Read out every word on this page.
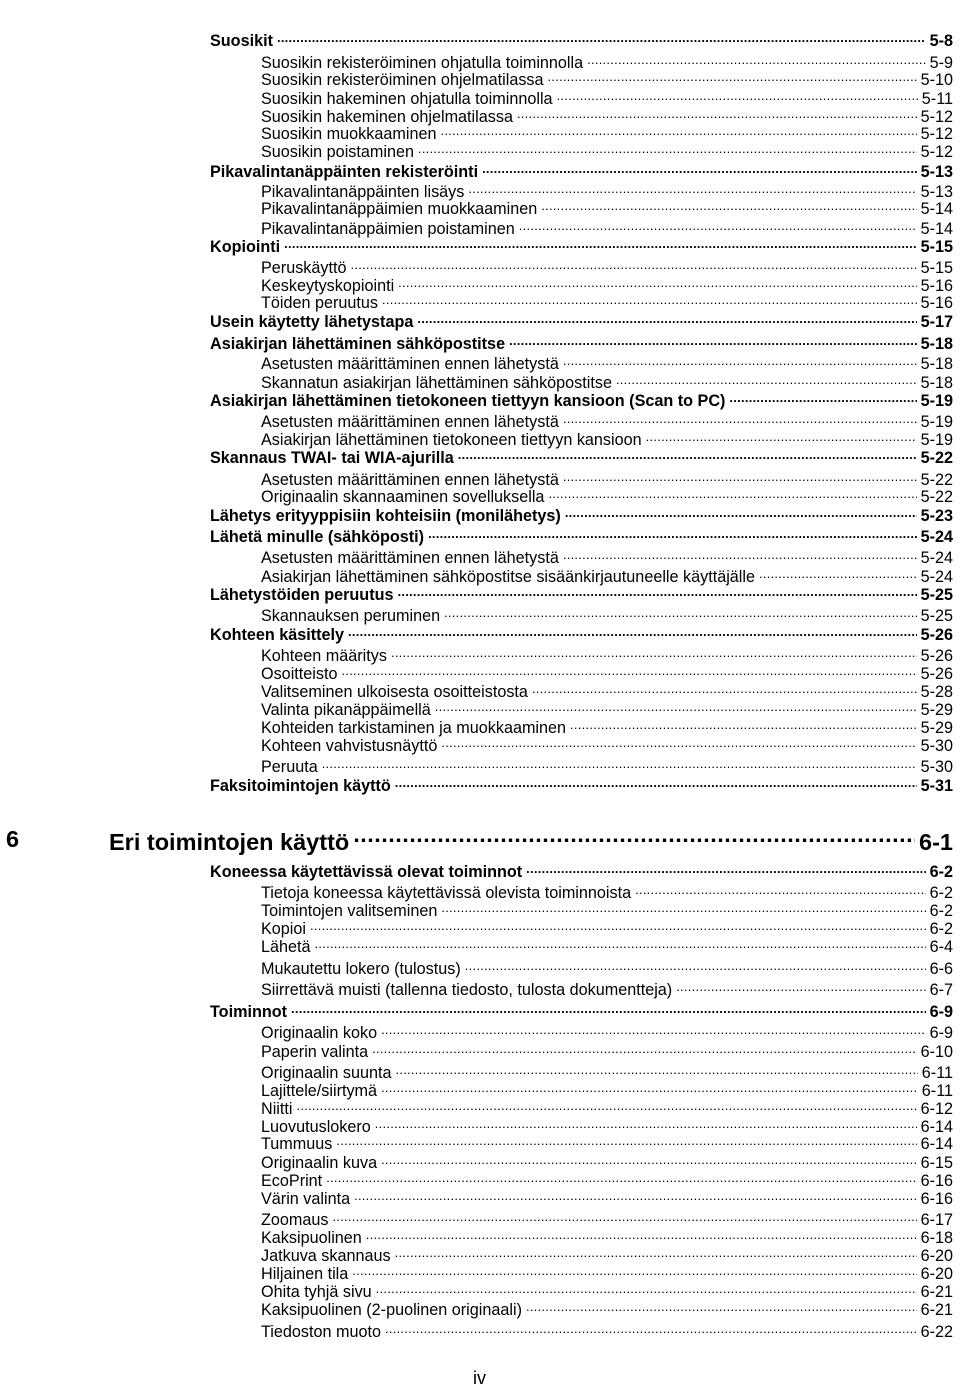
Suosikit .....	5-8
Suosikin rekisteröiminen ohjatulla toiminnolla .....	5-9
Suosikin rekisteröiminen ohjelmatilassa .....	5-10
Suosikin hakeminen ohjatulla toiminnolla .....	5-11
Suosikin hakeminen ohjelmatilassa .....	5-12
Suosikin muokkaaminen .....	5-12
Suosikin poistaminen .....	5-12
Pikavalintanäppäinten rekisteröinti .....	5-13
Pikavalintanäppäinten lisäys .....	5-13
Pikavalintanäppäimien muokkaaminen .....	5-14
Pikavalintanäppäimien poistaminen .....	5-14
Kopiointi .....	5-15
Peruskäyttö .....	5-15
Keskeytyskopiointi .....	5-16
Töiden peruutus .....	5-16
Usein käytetty lähetystapa .....	5-17
Asiakirjan lähettäminen sähköpostitse .....	5-18
Asetusten määrittäminen ennen lähetystä .....	5-18
Skannatun asiakirjan lähettäminen sähköpostitse .....	5-18
Asiakirjan lähettäminen tietokoneen tiettyyn kansioon (Scan to PC) .....	5-19
Asetusten määrittäminen ennen lähetystä .....	5-19
Asiakirjan lähettäminen tietokoneen tiettyyn kansioon .....	5-19
Skannaus TWAI- tai WIA-ajurilla .....	5-22
Asetusten määrittäminen ennen lähetystä .....	5-22
Originaalin skannaaminen sovelluksella .....	5-22
Lähetys erityyppisiin kohteisiin (monilähetys) .....	5-23
Lähetä minulle (sähköposti) .....	5-24
Asetusten määrittäminen ennen lähetystä .....	5-24
Asiakirjan lähettäminen sähköpostitse sisäänkirjautuneelle käyttäjälle .....	5-24
Lähetystöiden peruutus .....	5-25
Skannauksen peruminen .....	5-25
Kohteen käsittely .....	5-26
Kohteen määritys .....	5-26
Osoitteisto .....	5-26
Valitseminen ulkoisesta osoitteistosta .....	5-28
Valinta pikanäppäimellä .....	5-29
Kohteiden tarkistaminen ja muokkaaminen .....	5-29
Kohteen vahvistusnäyttö .....	5-30
Peruuta .....	5-30
Faksitoimintojen käyttö .....	5-31
6	Eri toimintojen käyttö .....	6-1
Koneessa käytettävissä olevat toiminnot .....	6-2
Tietoja koneessa käytettävissä olevista toiminnoista .....	6-2
Toimintojen valitseminen .....	6-2
Kopioi .....	6-2
Lähetä .....	6-4
Mukautettu lokero (tulostus) .....	6-6
Siirrettävä muisti (tallenna tiedosto, tulosta dokumentteja) .....	6-7
Toiminnot .....	6-9
Originaalin koko .....	6-9
Paperin valinta .....	6-10
Originaalin suunta .....	6-11
Lajittele/siirtymä .....	6-11
Niitti .....	6-12
Luovutuslokero .....	6-14
Tummuus .....	6-14
Originaalin kuva .....	6-15
EcoPrint .....	6-16
Värin valinta .....	6-16
Zoomaus .....	6-17
Kaksipuolinen .....	6-18
Jatkuva skannaus .....	6-20
Hiljainen tila .....	6-20
Ohita tyhjä sivu .....	6-21
Kaksipuolinen (2-puolinen originaali) .....	6-21
Tiedoston muoto .....	6-22
iv
